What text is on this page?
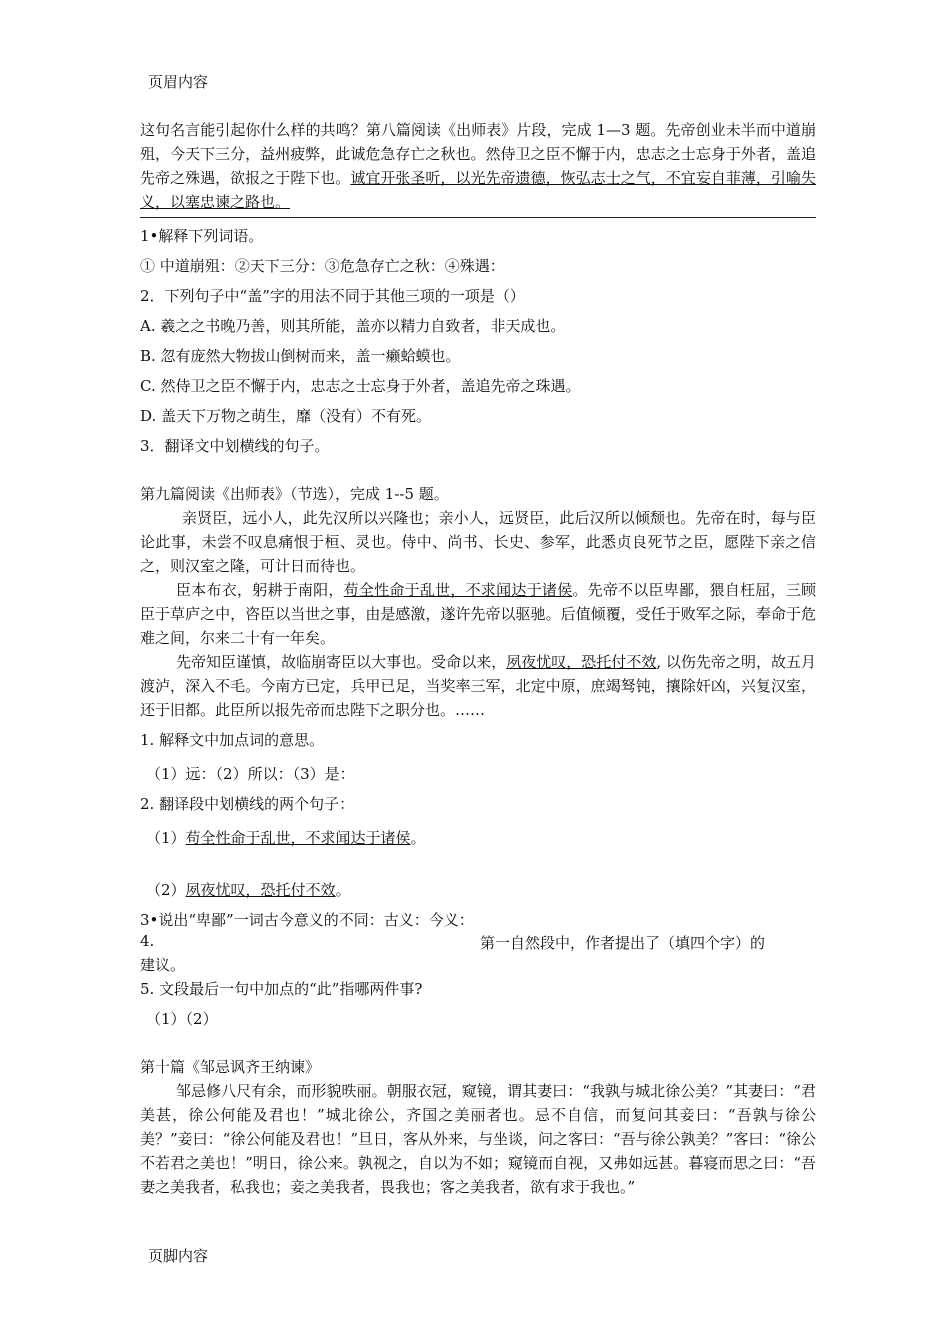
页眉内容

这句名言能引起你什么样的共鸣？第八篇阅读《出师表》片段，完成 1—3 题。先帝创业未半而中道崩殂，今天下三分，益州疲弊，此诚危急存亡之秋也。然侍卫之臣不懈于内，忠志之士忘身于外者，盖追先帝之殊遇，欲报之于陛下也。诚宜开张圣听，以光先帝遗德，恢弘志士之气，不宜妄自菲薄，引喻失义，以塞忠谏之路也。

1•解释下列词语。

① 中道崩殂：②天下三分：③危急存亡之秋：④殊遇：

2．下列句子中“盖”字的用法不同于其他三项的一项是（）

A. 羲之之书晚乃善，则其所能，盖亦以精力自致者，非天成也。

B. 忽有庞然大物拔山倒树而来，盖一癞蛤蟆也。

C. 然侍卫之臣不懈于内，忠志之士忘身于外者，盖追先帝之珠遇。

D. 盖天下万物之萌生，靡（没有）不有死。

3．翻译文中划横线的句子。

第九篇阅读《出师表》（节选），完成 1--5 题。

亲贤臣，远小人，此先汉所以兴隆也；亲小人，远贤臣，此后汉所以倾颓也。先帝在时，每与臣论此事，未尝不叹息痛恨于桓、灵也。侍中、尚书、长史、参军，此悉贞良死节之臣，愿陛下亲之信之，则汉室之隆，可计日而待也。

臣本布衣，躬耕于南阳，苟全性命于乱世，不求闻达于诸侯。先帝不以臣卑鄙，猥自枉屈，三顾臣于草庐之中，咨臣以当世之事，由是感激，遂许先帝以驱驰。后值倾覆，受任于败军之际，奉命于危难之间，尔来二十有一年矣。

先帝知臣谨慎，故临崩寄臣以大事也。受命以来，夙夜忧叹，恐托付不效, 以伤先帝之明，故五月渡泸，深入不毛。今南方已定，兵甲已足，当奖率三军，北定中原，庶竭驽钝，攘除奸凶，兴复汉室，还于旧都。此臣所以报先帝而忠陛下之职分也。……

1. 解释文中加点词的意思。

（1）远：（2）所以：（3）是：

2. 翻译段中划横线的两个句子：

（1）苟全性命于乱世，不求闻达于诸侯。

（2）夙夜忧叹，恐托付不效。

3•说出“卑鄙”一词古今意义的不同：古义：今义：

4.	第一自然段中，作者提出了（填四个字）的

建议。

5. 文段最后一句中加点的“此”指哪两件事?

（1）（2）

第十篇《邹忌讽齐王纳谏》

邹忌修八尺有余，而形貌昳丽。朝服衣冠，窥镜，谓其妻曰：“我孰与城北徐公美？”其妻曰：“君美甚，徐公何能及君也！”城北徐公，齐国之美丽者也。忌不自信，而复问其妾曰：“吾孰与徐公美？”妾曰：“徐公何能及君也！”旦日，客从外来，与坐谈，问之客曰：“吾与徐公孰美？”客曰：“徐公不若君之美也！”明日，徐公来。孰视之，自以为不如；窥镜而自视，又弗如远甚。暮寝而思之曰：“吾妻之美我者，私我也；妾之美我者，畏我也；客之美我者，欲有求于我也。”

页脚内容
